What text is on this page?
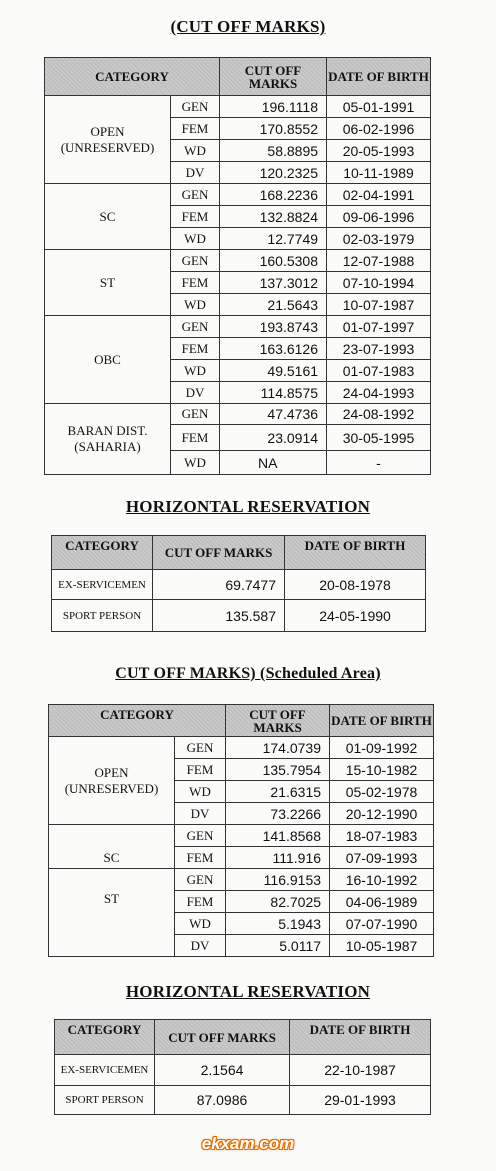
(CUT OFF MARKS)
CATEGORY		CUT OFF MARKS	DATE OF BIRTH
OPEN (UNRESERVED)	GEN	196.1118	05-01-1991
	FEM	170.8552	06-02-1996
	WD	58.8895	20-05-1993
	DV	120.2325	10-11-1989
SC	GEN	168.2236	02-04-1991
	FEM	132.8824	09-06-1996
	WD	12.7749	02-03-1979
ST	GEN	160.5308	12-07-1988
	FEM	137.3012	07-10-1994
	WD	21.5643	10-07-1987
OBC	GEN	193.8743	01-07-1997
	FEM	163.6126	23-07-1993
	WD	49.5161	01-07-1983
	DV	114.8575	24-04-1993
BARAN DIST. (SAHARIA)	GEN	47.4736	24-08-1992
	FEM	23.0914	30-05-1995
	WD	NA	-
HORIZONTAL RESERVATION
CATEGORY	CUT OFF MARKS	DATE OF BIRTH
EX-SERVICEMEN	69.7477	20-08-1978
SPORT PERSON	135.587	24-05-1990
CUT OFF MARKS) (Scheduled Area)
CATEGORY		CUT OFF MARKS	DATE OF BIRTH
OPEN (UNRESERVED)	GEN	174.0739	01-09-1992
	FEM	135.7954	15-10-1982
	WD	21.6315	05-02-1978
	DV	73.2266	20-12-1990
SC	GEN	141.8568	18-07-1983
	FEM	111.916	07-09-1993
ST	GEN	116.9153	16-10-1992
	FEM	82.7025	04-06-1989
	WD	5.1943	07-07-1990
	DV	5.0117	10-05-1987
HORIZONTAL RESERVATION
CATEGORY	CUT OFF MARKS	DATE OF BIRTH
EX-SERVICEMEN	2.1564	22-10-1987
SPORT PERSON	87.0986	29-01-1993
ekxam.com
